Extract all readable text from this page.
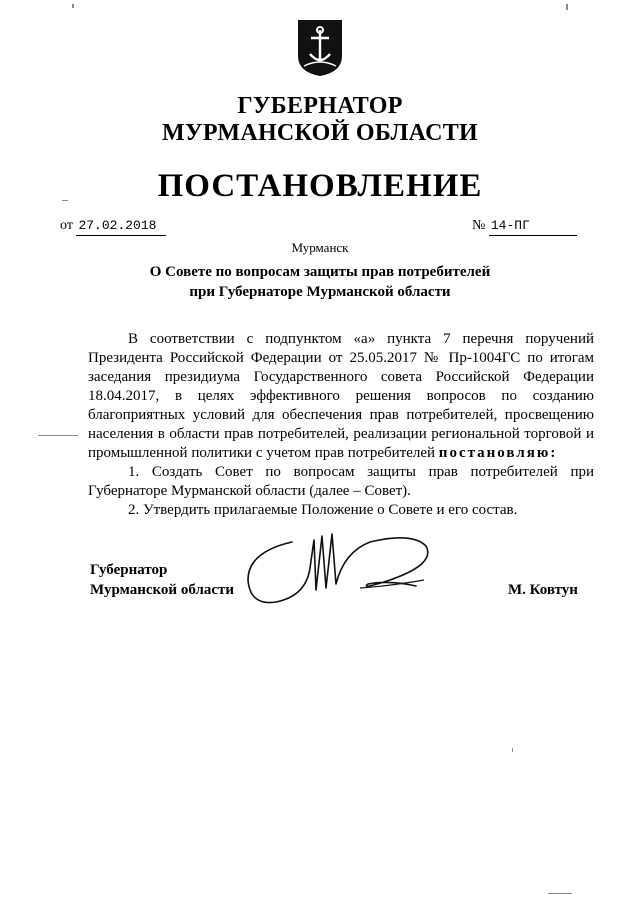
ГУБЕРНАТОР
МУРМАНСКОЙ ОБЛАСТИ
ПОСТАНОВЛЕНИЕ
от 27.02.2018	№ 14-ПГ
Мурманск
О Совете по вопросам защиты прав потребителей
при Губернаторе Мурманской области

В соответствии с подпунктом «а» пункта 7 перечня поручений Президента Российской Федерации от 25.05.2017 № Пр-1004ГС по итогам заседания президиума Государственного совета Российской Федерации 18.04.2017, в целях эффективного решения вопросов по созданию благоприятных условий для обеспечения прав потребителей, просвещению населения в области прав потребителей, реализации региональной торговой и промышленной политики с учетом прав потребителей постановляю:

1. Создать Совет по вопросам защиты прав потребителей при Губернаторе Мурманской области (далее – Совет).

2. Утвердить прилагаемые Положение о Совете и его состав.

Губернатор
Мурманской области	М. Ковтун
